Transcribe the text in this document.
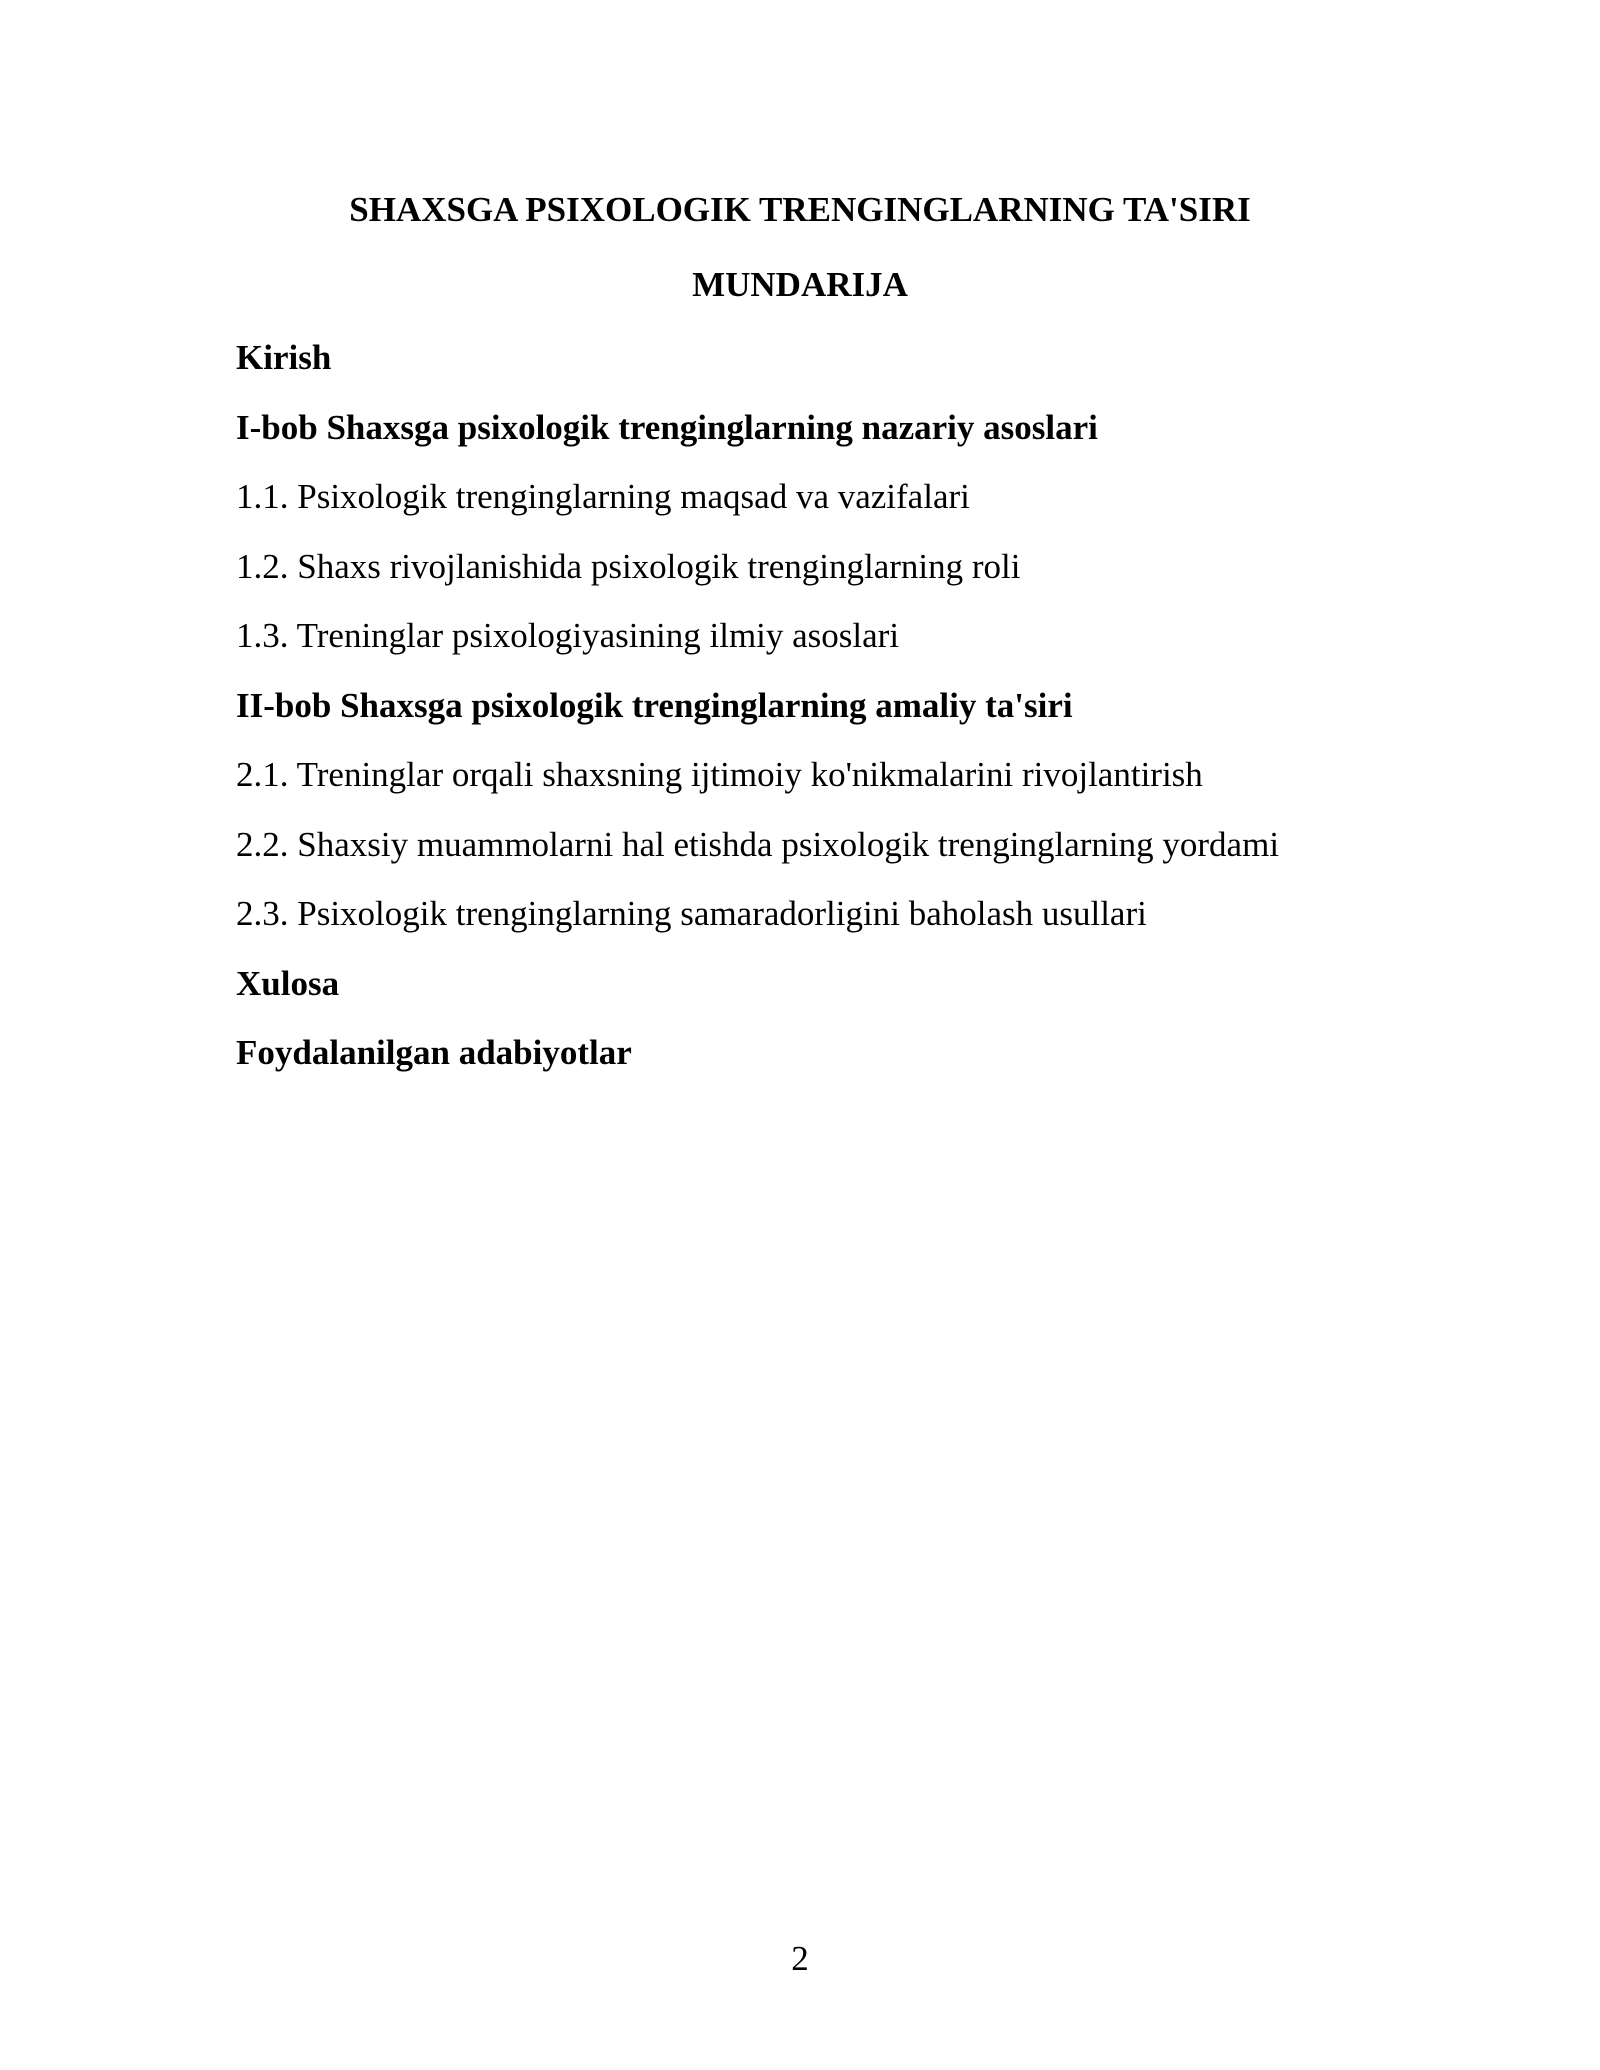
SHAXSGA PSIXOLOGIK TRENGINGLARNING TA'SIRI
MUNDARIJA
Kirish
I-bob Shaxsga psixologik trenginglarning nazariy asoslari
1.1. Psixologik trenginglarning maqsad va vazifalari
1.2. Shaxs rivojlanishida psixologik trenginglarning roli
1.3. Treninglar psixologiyasining ilmiy asoslari
II-bob Shaxsga psixologik trenginglarning amaliy ta'siri
2.1. Treninglar orqali shaxsning ijtimoiy ko'nikmalarini rivojlantirish
2.2. Shaxsiy muammolarni hal etishda psixologik trenginglarning yordami
2.3. Psixologik trenginglarning samaradorligini baholash usullari
Xulosa
Foydalanilgan adabiyotlar
2
